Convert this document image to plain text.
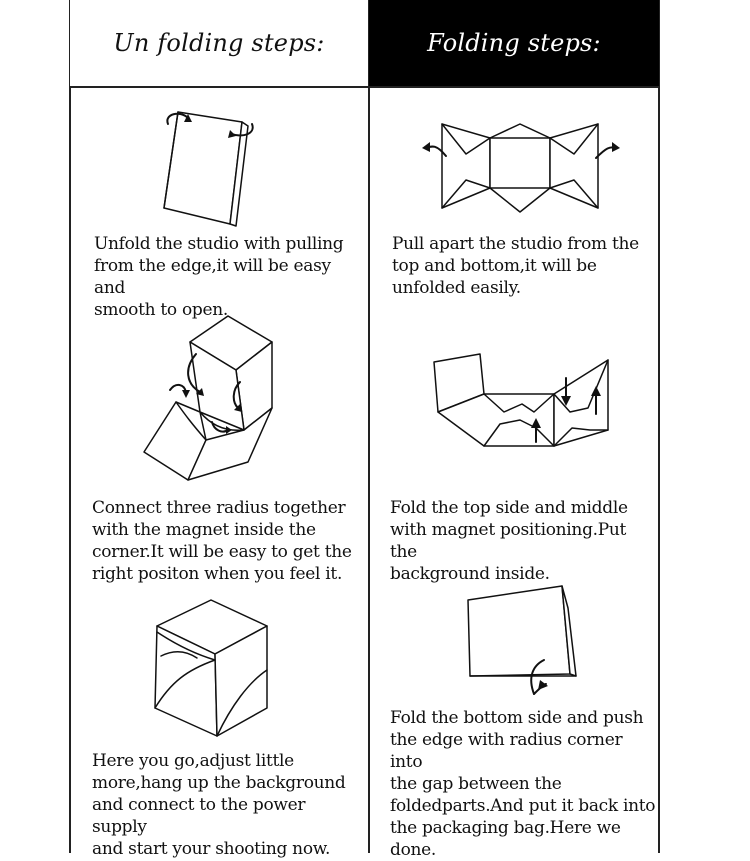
Un folding steps:	Folding steps:
Unfold the studio with pulling
from the edge,it will be easy and
smooth to open.
Connect three radius together
with the magnet inside the
corner.It will be easy to get the
right positon when you feel it.
Here you go,adjust little
more,hang up the background
and connect to the power supply
and start your shooting now.
Pull apart the studio from the
top and bottom,it will be
unfolded easily.
Fold the top side and middle
with magnet positioning.Put the
background inside.
Fold the bottom side and push
the edge with radius corner into
the gap between the
foldedparts.And put it back into
the packaging bag.Here we
done.
